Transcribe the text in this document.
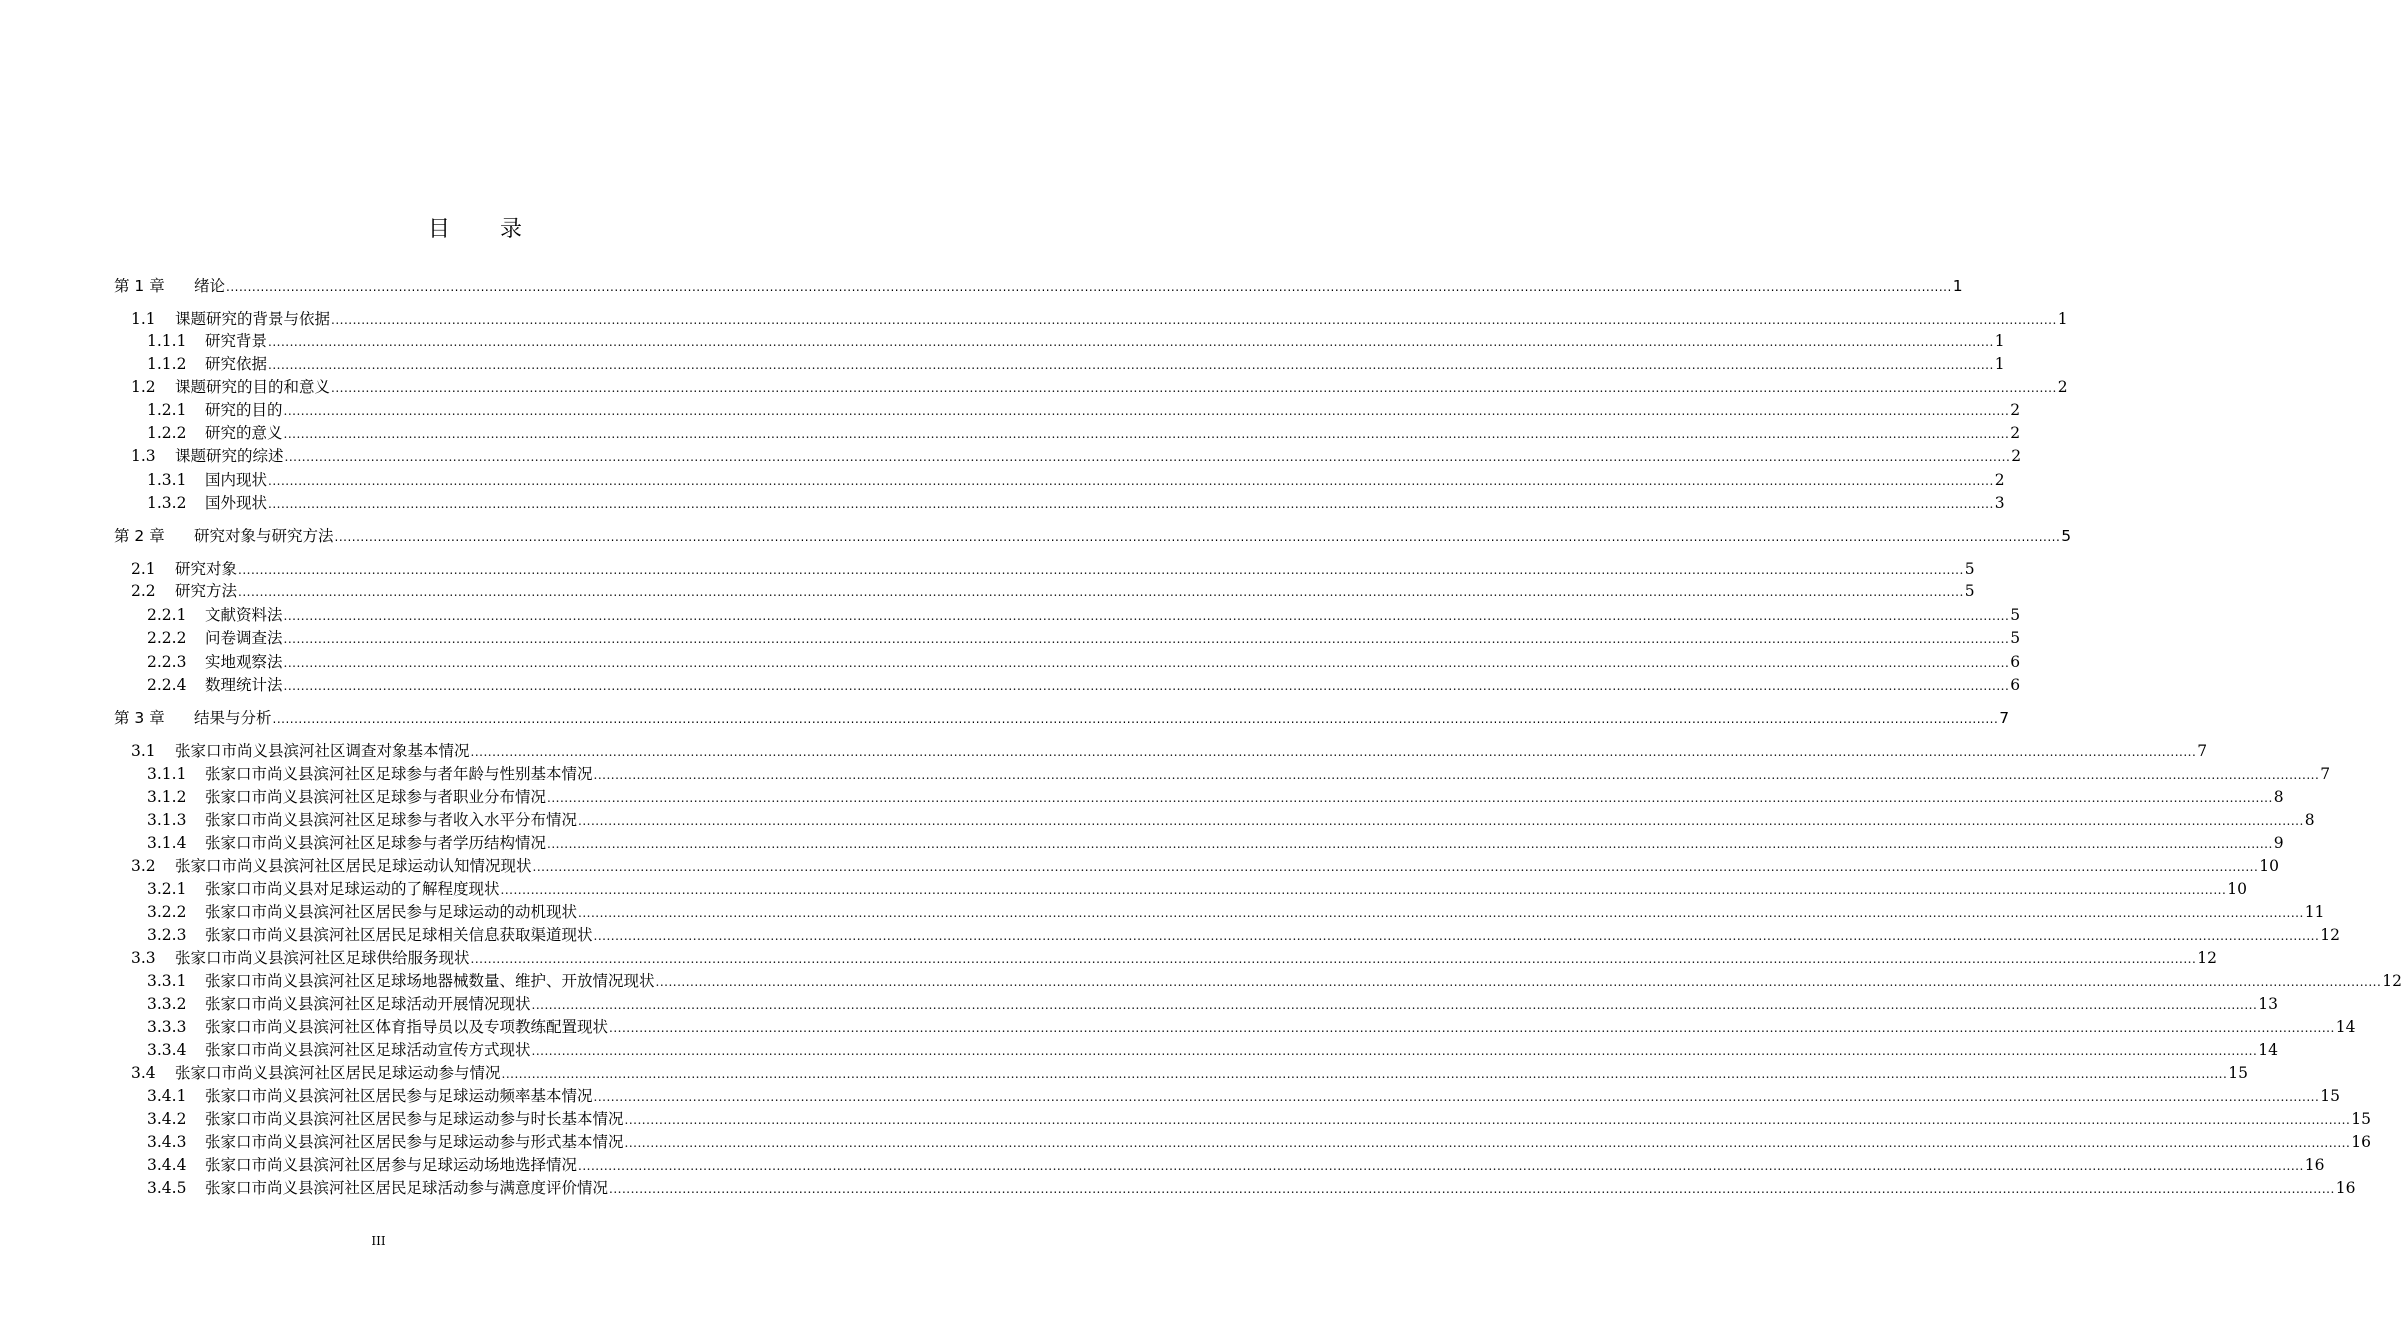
目 录
第 1 章 绪论 ................................................................................................................................................................................................................................................................................................................................................................................................................ 1
1.1 课题研究的背景与依据 ................................................................................................................................................................................................................................................................................................................................................................................................................ 1
1.1.1 研究背景 ................................................................................................................................................................................................................................................................................................................................................................................................................ 1
1.1.2 研究依据 ................................................................................................................................................................................................................................................................................................................................................................................................................ 1
1.2 课题研究的目的和意义 ................................................................................................................................................................................................................................................................................................................................................................................................................ 2
1.2.1 研究的目的 ................................................................................................................................................................................................................................................................................................................................................................................................................ 2
1.2.2 研究的意义 ................................................................................................................................................................................................................................................................................................................................................................................................................ 2
1.3 课题研究的综述 ................................................................................................................................................................................................................................................................................................................................................................................................................ 2
1.3.1 国内现状 ................................................................................................................................................................................................................................................................................................................................................................................................................ 2
1.3.2 国外现状 ................................................................................................................................................................................................................................................................................................................................................................................................................ 3
第 2 章 研究对象与研究方法 ................................................................................................................................................................................................................................................................................................................................................................................................................ 5
2.1 研究对象 ................................................................................................................................................................................................................................................................................................................................................................................................................ 5
2.2 研究方法 ................................................................................................................................................................................................................................................................................................................................................................................................................ 5
2.2.1 文献资料法 ................................................................................................................................................................................................................................................................................................................................................................................................................ 5
2.2.2 问卷调查法 ................................................................................................................................................................................................................................................................................................................................................................................................................ 5
2.2.3 实地观察法 ................................................................................................................................................................................................................................................................................................................................................................................................................ 6
2.2.4 数理统计法 ................................................................................................................................................................................................................................................................................................................................................................................................................ 6
第 3 章 结果与分析 ................................................................................................................................................................................................................................................................................................................................................................................................................ 7
3.1 张家口市尚义县滨河社区调查对象基本情况 ................................................................................................................................................................................................................................................................................................................................................................................................................ 7
3.1.1 张家口市尚义县滨河社区足球参与者年龄与性别基本情况 ................................................................................................................................................................................................................................................................................................................................................................................................................ 7
3.1.2 张家口市尚义县滨河社区足球参与者职业分布情况 ................................................................................................................................................................................................................................................................................................................................................................................................................ 8
3.1.3 张家口市尚义县滨河社区足球参与者收入水平分布情况 ................................................................................................................................................................................................................................................................................................................................................................................................................ 8
3.1.4 张家口市尚义县滨河社区足球参与者学历结构情况 ................................................................................................................................................................................................................................................................................................................................................................................................................ 9
3.2 张家口市尚义县滨河社区居民足球运动认知情况现状 ................................................................................................................................................................................................................................................................................................................................................................................................................ 10
3.2.1 张家口市尚义县对足球运动的了解程度现状 ................................................................................................................................................................................................................................................................................................................................................................................................................ 10
3.2.2 张家口市尚义县滨河社区居民参与足球运动的动机现状 ................................................................................................................................................................................................................................................................................................................................................................................................................ 11
3.2.3 张家口市尚义县滨河社区居民足球相关信息获取渠道现状 ................................................................................................................................................................................................................................................................................................................................................................................................................ 12
3.3 张家口市尚义县滨河社区足球供给服务现状 ................................................................................................................................................................................................................................................................................................................................................................................................................ 12
3.3.1 张家口市尚义县滨河社区足球场地器械数量、维护、开放情况现状 ................................................................................................................................................................................................................................................................................................................................................................................................................ 12
3.3.2 张家口市尚义县滨河社区足球活动开展情况现状 ................................................................................................................................................................................................................................................................................................................................................................................................................ 13
3.3.3 张家口市尚义县滨河社区体育指导员以及专项教练配置现状 ................................................................................................................................................................................................................................................................................................................................................................................................................ 14
3.3.4 张家口市尚义县滨河社区足球活动宣传方式现状 ................................................................................................................................................................................................................................................................................................................................................................................................................ 14
3.4 张家口市尚义县滨河社区居民足球运动参与情况 ................................................................................................................................................................................................................................................................................................................................................................................................................ 15
3.4.1 张家口市尚义县滨河社区居民参与足球运动频率基本情况 ................................................................................................................................................................................................................................................................................................................................................................................................................ 15
3.4.2 张家口市尚义县滨河社区居民参与足球运动参与时长基本情况 ................................................................................................................................................................................................................................................................................................................................................................................................................ 15
3.4.3 张家口市尚义县滨河社区居民参与足球运动参与形式基本情况 ................................................................................................................................................................................................................................................................................................................................................................................................................ 16
3.4.4 张家口市尚义县滨河社区居参与足球运动场地选择情况 ................................................................................................................................................................................................................................................................................................................................................................................................................ 16
3.4.5 张家口市尚义县滨河社区居民足球活动参与满意度评价情况 ................................................................................................................................................................................................................................................................................................................................................................................................................ 16
III
